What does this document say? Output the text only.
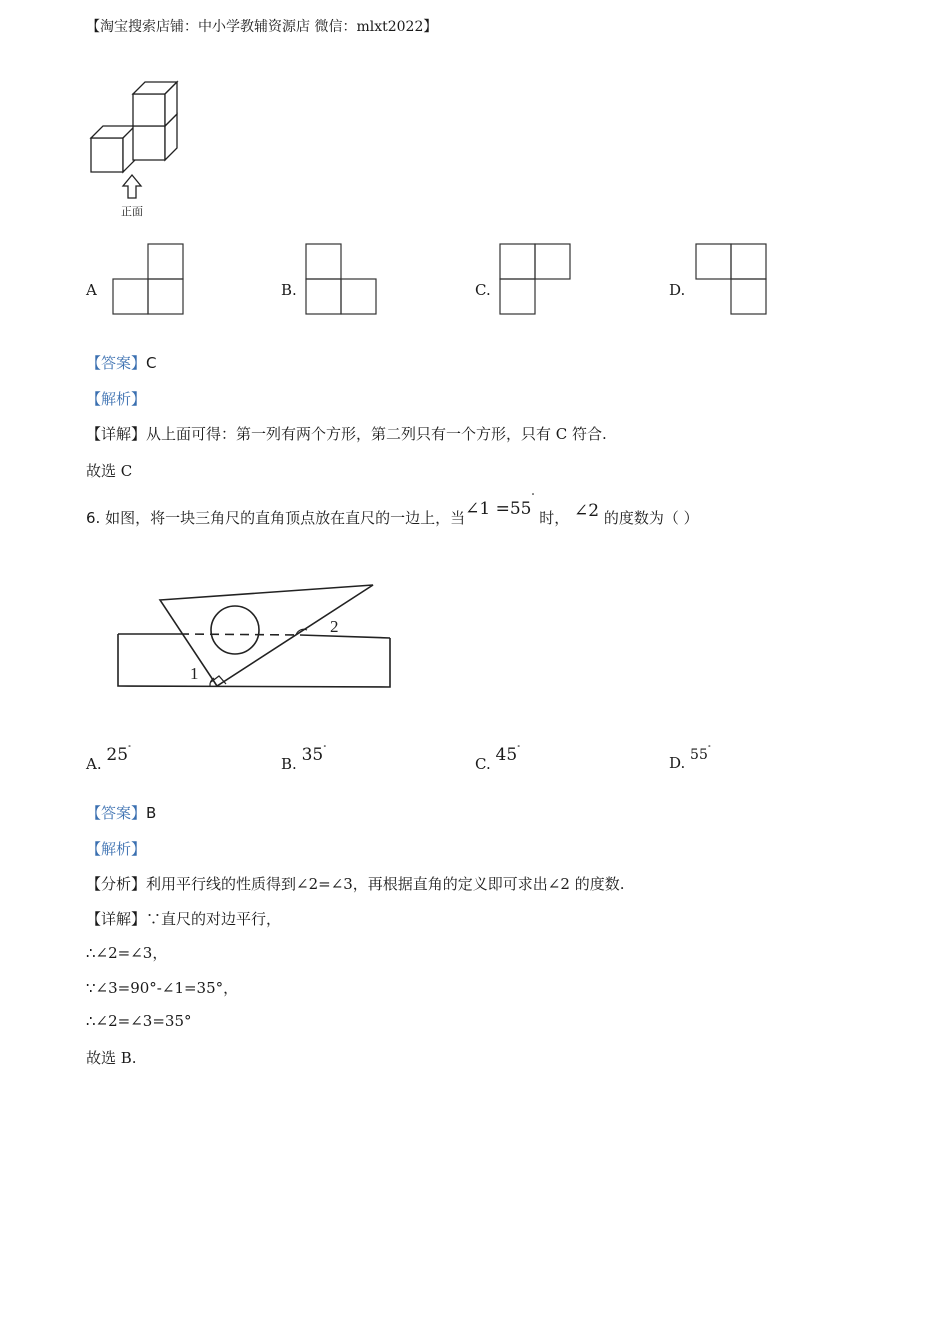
【淘宝搜索店铺：中小学教辅资源店 微信：mlxt2022】
正面
A	B.	C.	D.
【答案】C
【解析】
【详解】从上面可得：第一列有两个方形，第二列只有一个方形，只有 C 符合.
故选 C
6. 如图，将一块三角尺的直角顶点放在直尺的一边上，当∠1 =55° 时， ∠2 的度数为（ ）
1
2
A. 25°
B. 35°
C. 45°
D. 55°
【答案】B
【解析】
【分析】利用平行线的性质得到∠2=∠3，再根据直角的定义即可求出∠2 的度数.
【详解】∵直尺的对边平行，
∴∠2=∠3，
∵∠3=90°-∠1=35°，
∴∠2=∠3=35°
故选 B.
